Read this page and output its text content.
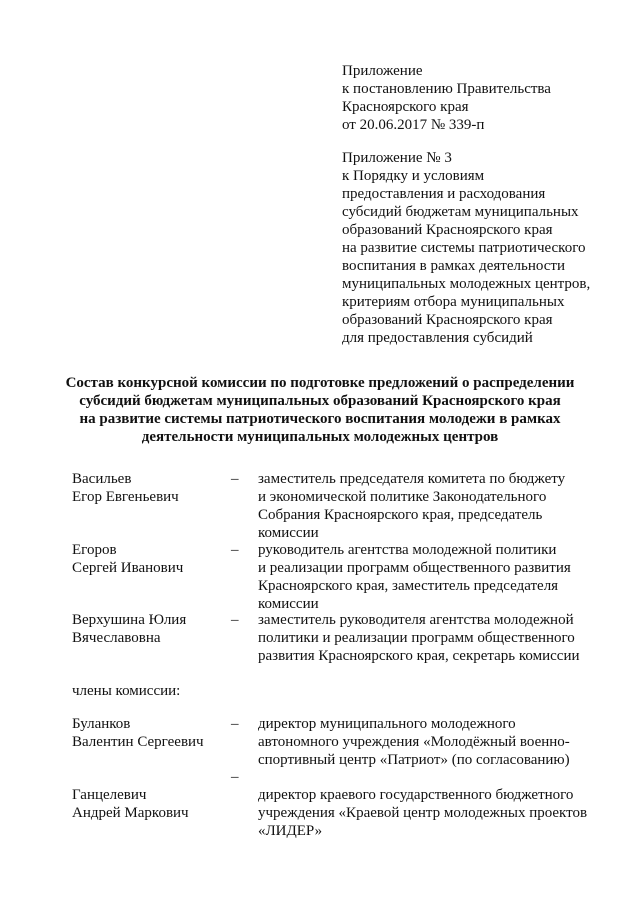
Приложение
к постановлению Правительства
Красноярского края
от 20.06.2017 № 339-п
Приложение № 3
к Порядку и условиям
предоставления и расходования
субсидий бюджетам муниципальных
образований Красноярского края
на развитие системы патриотического
воспитания в рамках деятельности
муниципальных молодежных центров,
критериям отбора муниципальных
образований Красноярского края
для предоставления субсидий
Состав конкурсной комиссии по подготовке предложений о распределении
субсидий бюджетам муниципальных образований Красноярского края
на развитие системы патриотического воспитания молодежи в рамках
деятельности муниципальных молодежных центров
Васильев
Егор Евгеньевич
– заместитель председателя комитета по бюджету
и экономической политике Законодательного
Собрания Красноярского края, председатель
комиссии
Егоров
Сергей Иванович
– руководитель агентства молодежной политики
и реализации программ общественного развития
Красноярского края, заместитель председателя
комиссии
Верхушина Юлия
Вячеславовна
– заместитель руководителя агентства молодежной
политики и реализации программ общественного
развития Красноярского края, секретарь комиссии
члены комиссии:
Буланков
Валентин Сергеевич
– директор муниципального молодежного
автономного учреждения «Молодёжный военно-
спортивный центр «Патриот» (по согласованию)
–
Ганцелевич
Андрей Маркович
директор краевого государственного бюджетного
учреждения «Краевой центр молодежных проектов
«ЛИДЕР»
